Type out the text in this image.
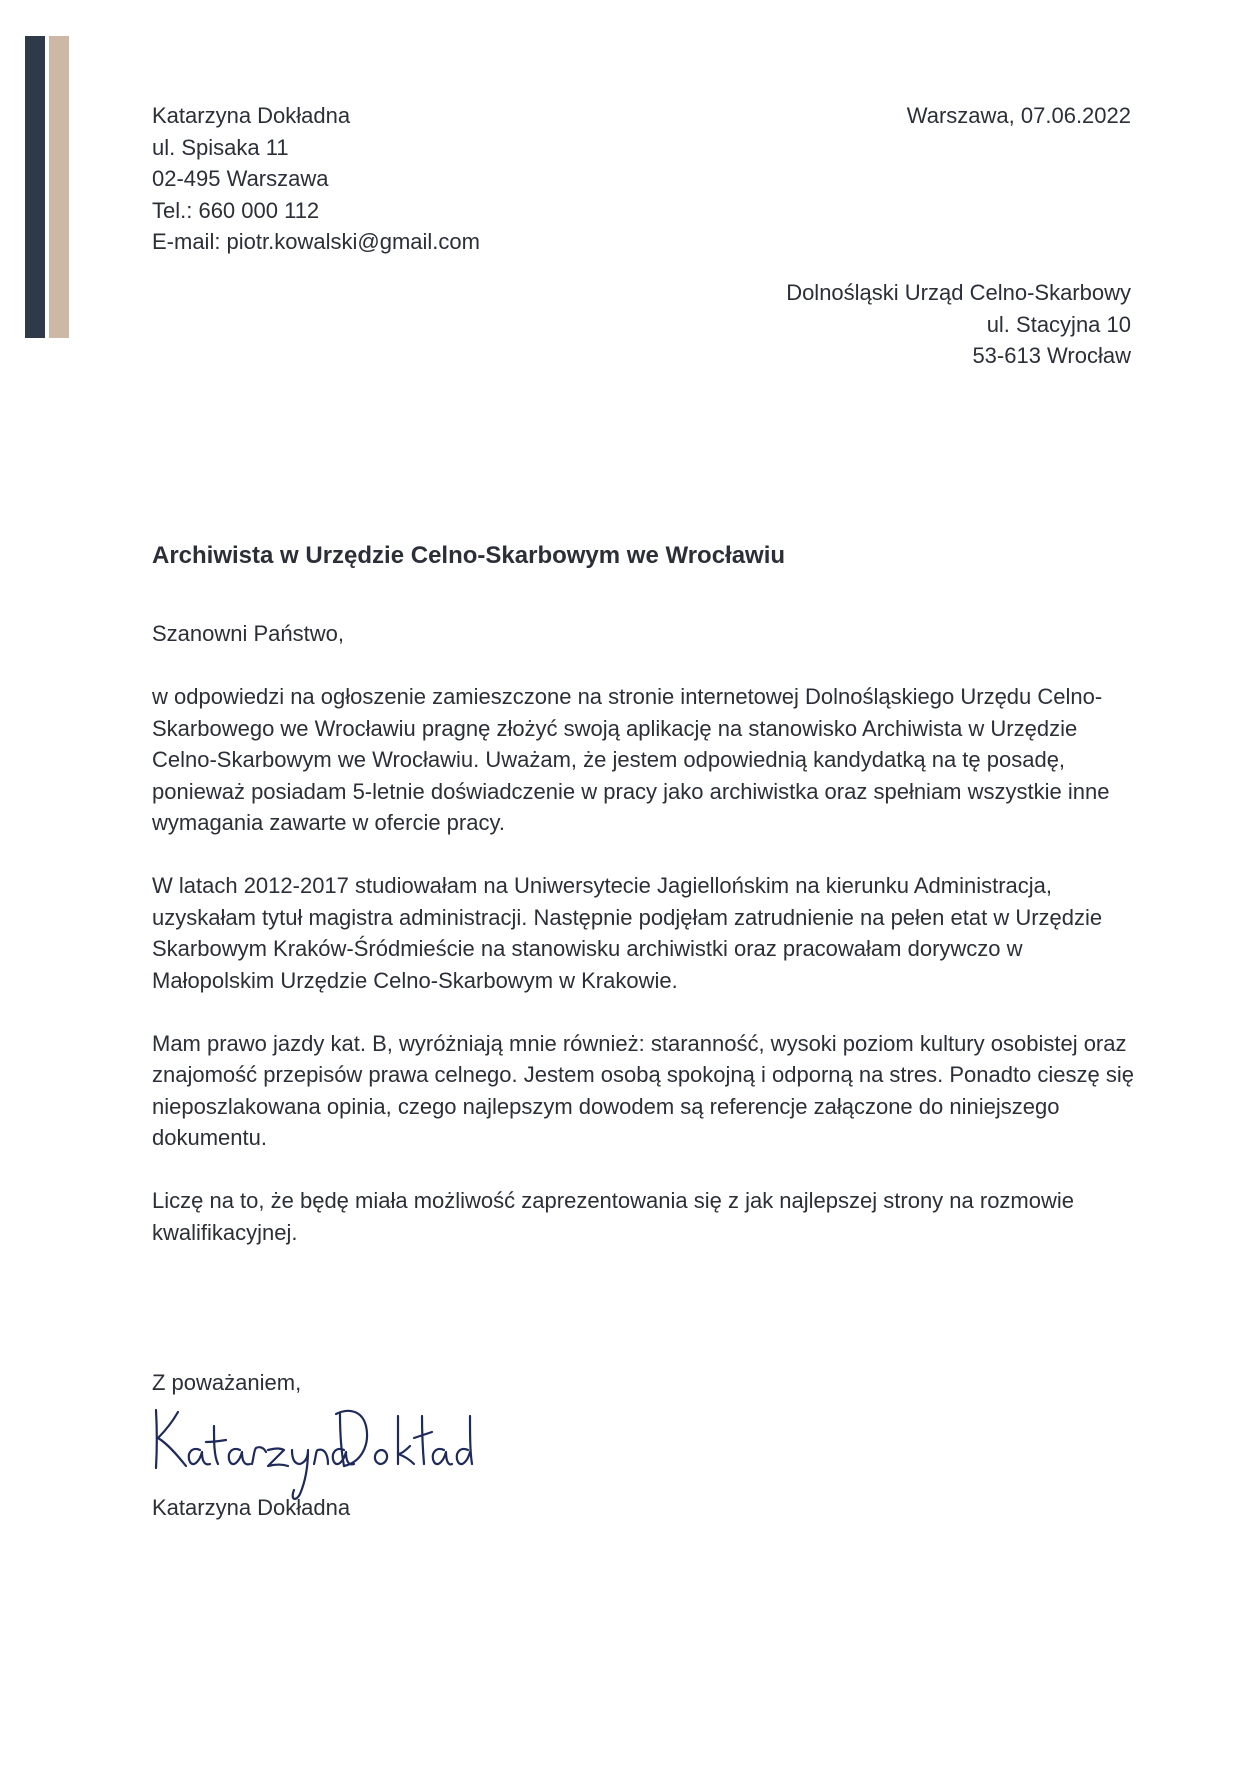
Katarzyna Dokładna
ul. Spisaka 11
02-495 Warszawa
Tel.: 660 000 112
E-mail: piotr.kowalski@gmail.com
Warszawa, 07.06.2022
Dolnośląski Urząd Celno-Skarbowy
ul. Stacyjna 10
53-613 Wrocław
Archiwista w Urzędzie Celno-Skarbowym we Wrocławiu

Szanowni Państwo,

w odpowiedzi na ogłoszenie zamieszczone na stronie internetowej Dolnośląskiego Urzędu Celno-Skarbowego we Wrocławiu pragnę złożyć swoją aplikację na stanowisko Archiwista w Urzędzie Celno-Skarbowym we Wrocławiu. Uważam, że jestem odpowiednią kandydatką na tę posadę, ponieważ posiadam 5-letnie doświadczenie w pracy jako archiwistka oraz spełniam wszystkie inne wymagania zawarte w ofercie pracy.

W latach 2012-2017 studiowałam na Uniwersytecie Jagiellońskim na kierunku Administracja, uzyskałam tytuł magistra administracji. Następnie podjęłam zatrudnienie na pełen etat w Urzędzie Skarbowym Kraków-Śródmieście na stanowisku archiwistki oraz pracowałam dorywczo w Małopolskim Urzędzie Celno-Skarbowym w Krakowie.

Mam prawo jazdy kat. B, wyróżniają mnie również: staranność, wysoki poziom kultury osobistej oraz znajomość przepisów prawa celnego. Jestem osobą spokojną i odporną na stres. Ponadto cieszę się nieposzlakowana opinia, czego najlepszym dowodem są referencje załączone do niniejszego dokumentu.

Liczę na to, że będę miała możliwość zaprezentowania się z jak najlepszej strony na rozmowie kwalifikacyjnej.

Z poważaniem,
Katarzyna Dokładna
